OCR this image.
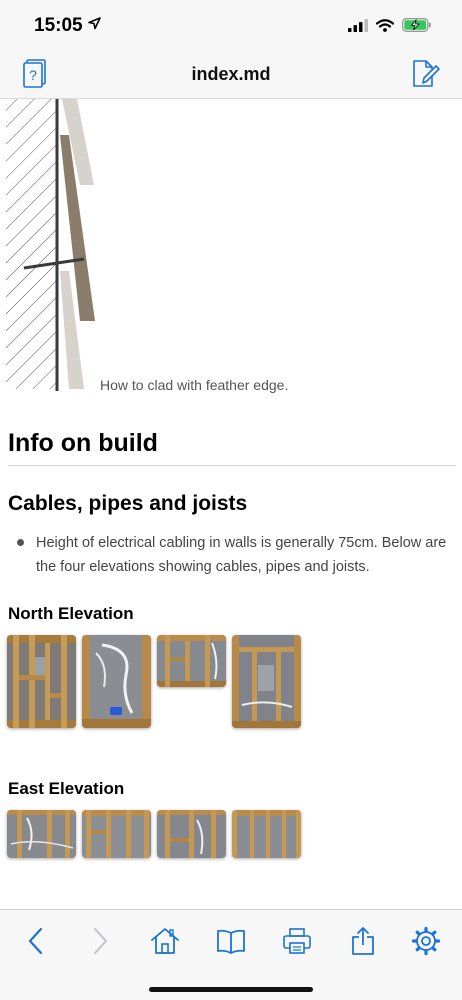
15:05
?	index.md
How to clad with feather edge.
Info on build
Cables, pipes and joists
Height of electrical cabling in walls is generally 75cm. Below are the four elevations showing cables, pipes and joists.
North Elevation
East Elevation
